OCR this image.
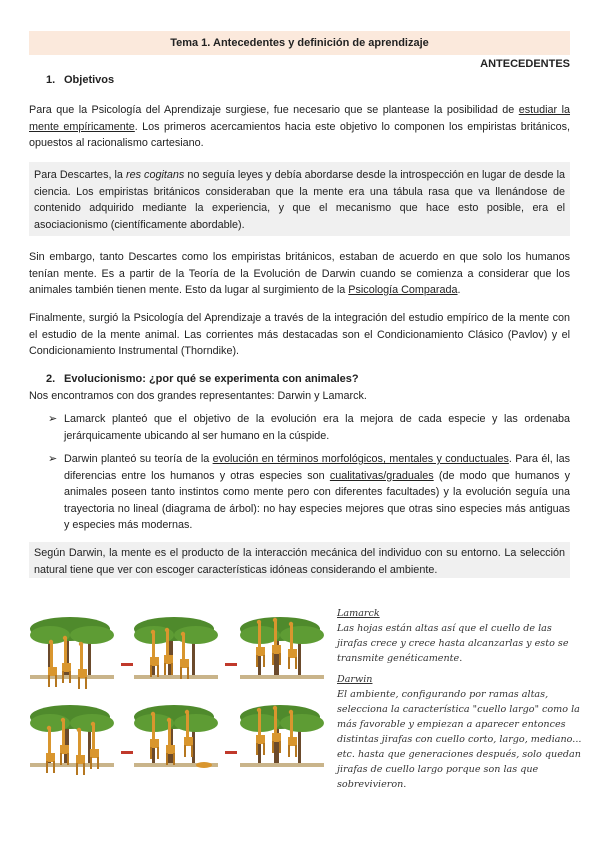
Tema 1. Antecedentes y definición de aprendizaje
ANTECEDENTES
1. Objetivos

Para que la Psicología del Aprendizaje surgiese, fue necesario que se plantease la posibilidad de estudiar la mente empíricamente. Los primeros acercamientos hacia este objetivo lo componen los empiristas británicos, opuestos al racionalismo cartesiano.

Para Descartes, la res cogitans no seguía leyes y debía abordarse desde la introspección en lugar de desde la ciencia. Los empiristas británicos consideraban que la mente era una tábula rasa que va llenándose de contenido adquirido mediante la experiencia, y que el mecanismo que hace esto posible, era el asociacionismo (científicamente abordable).

Sin embargo, tanto Descartes como los empiristas británicos, estaban de acuerdo en que solo los humanos tenían mente. Es a partir de la Teoría de la Evolución de Darwin cuando se comienza a considerar que los animales también tienen mente. Esto da lugar al surgimiento de la Psicología Comparada.

Finalmente, surgió la Psicología del Aprendizaje a través de la integración del estudio empírico de la mente con el estudio de la mente animal. Las corrientes más destacadas son el Condicionamiento Clásico (Pavlov) y el Condicionamiento Instrumental (Thorndike).

2. Evolucionismo: ¿por qué se experimenta con animales?

Nos encontramos con dos grandes representantes: Darwin y Lamarck.

➢ Lamarck planteó que el objetivo de la evolución era la mejora de cada especie y las ordenaba jerárquicamente ubicando al ser humano en la cúspide.

➢ Darwin planteó su teoría de la evolución en términos morfológicos, mentales y conductuales. Para él, las diferencias entre los humanos y otras especies son cualitativas/graduales (de modo que humanos y animales poseen tanto instintos como mente pero con diferentes facultades) y la evolución seguía una trayectoria no lineal (diagrama de árbol): no hay especies mejores que otras sino especies más antiguas y especies más modernas.

Según Darwin, la mente es el producto de la interacción mecánica del individuo con su entorno. La selección natural tiene que ver con escoger características idóneas considerando el ambiente.

Lamarck
Las hojas están altas así que el cuello de las jirafas crece y crece hasta alcanzarlas y esto se transmite genéticamente.
Darwin
El ambiente, configurando por ramas altas, selecciona la característica "cuello largo" como la más favorable y empiezan a aparecer entonces distintas jirafas con cuello corto, largo, mediano... etc. hasta que generaciones después, solo quedan jirafas de cuello largo porque son las que sobrevivieron.
